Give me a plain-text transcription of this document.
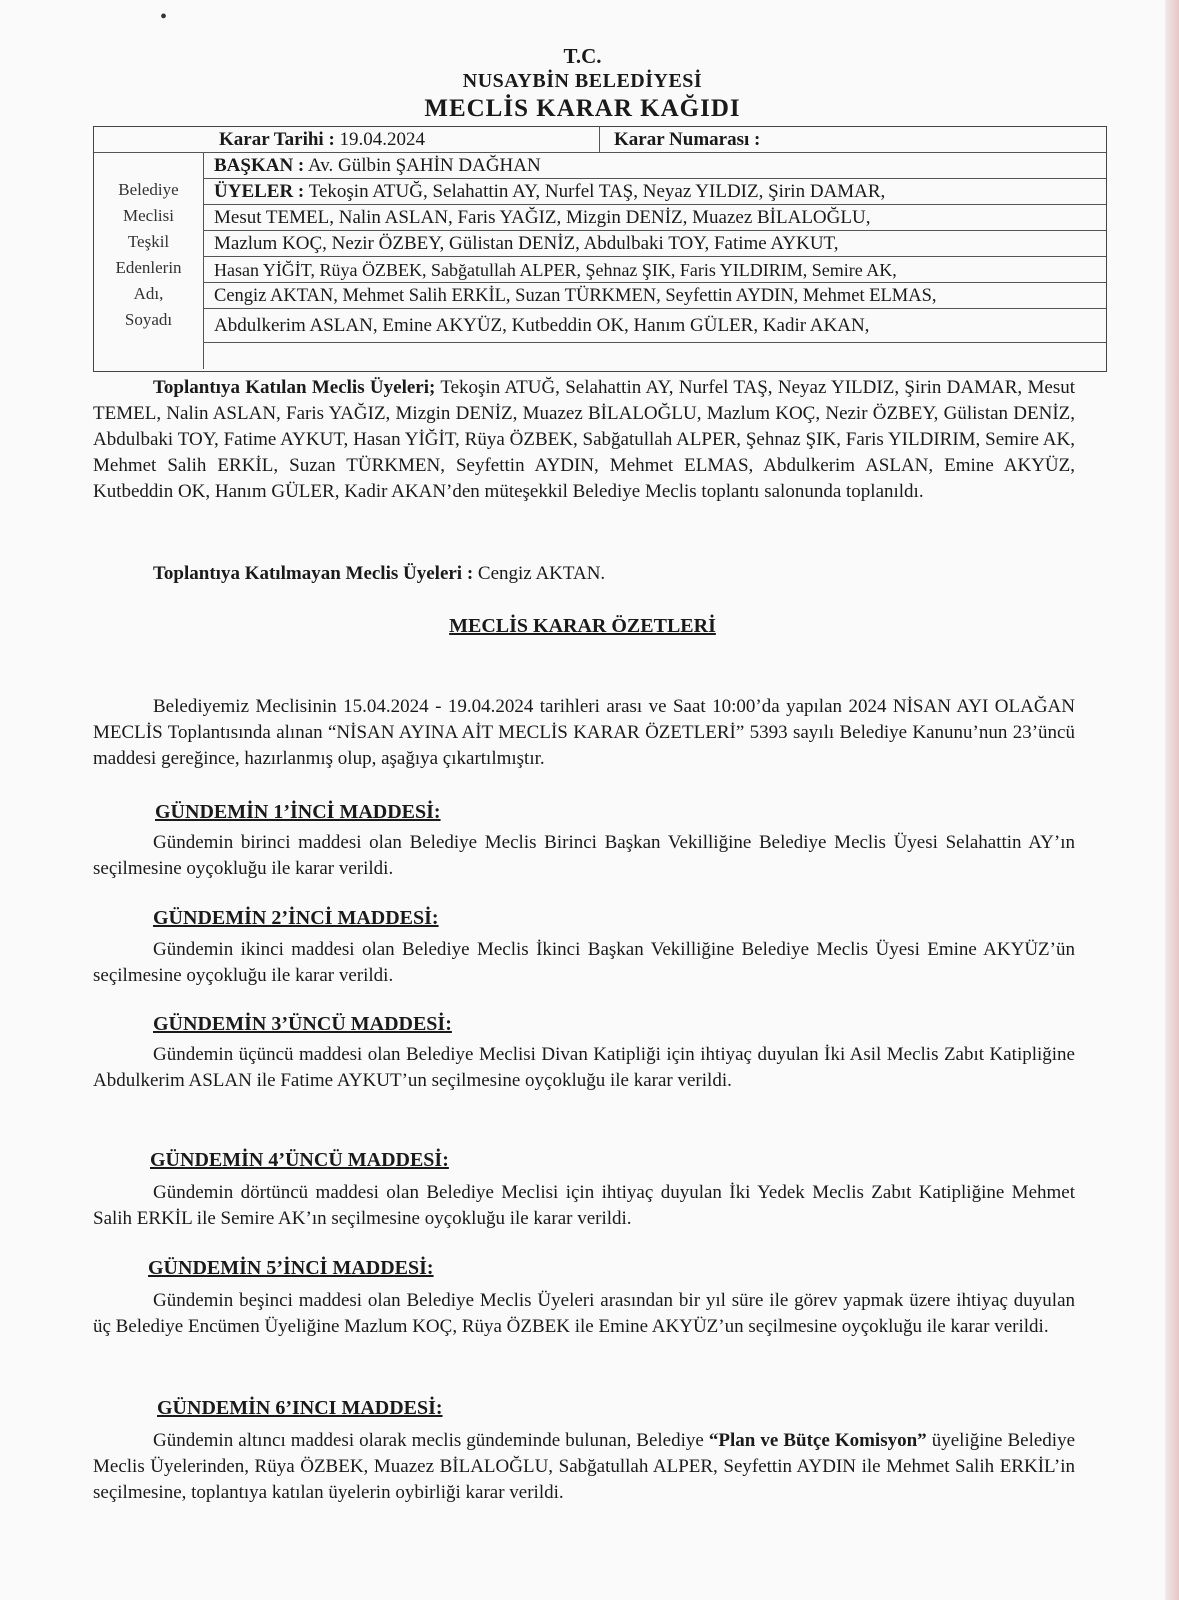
•
T.C.
NUSAYBİN BELEDİYESİ
MECLİS KARAR KAĞIDI
Karar Tarihi : 19.04.2024	Karar Numarası :
Belediye
Meclisi
Teşkil
Edenlerin
Adı,
Soyadı
BAŞKAN : Av. Gülbin ŞAHİN DAĞHAN
ÜYELER : Tekoşin ATUĞ, Selahattin AY, Nurfel TAŞ, Neyaz YILDIZ, Şirin DAMAR,
Mesut TEMEL, Nalin ASLAN, Faris YAĞIZ, Mizgin DENİZ, Muazez BİLALOĞLU,
Mazlum KOÇ, Nezir ÖZBEY, Gülistan DENİZ, Abdulbaki TOY, Fatime AYKUT,
Hasan YİĞİT, Rüya ÖZBEK, Sabğatullah ALPER, Şehnaz ŞIK, Faris YILDIRIM, Semire AK,
Cengiz AKTAN, Mehmet Salih ERKİL, Suzan TÜRKMEN, Seyfettin AYDIN, Mehmet ELMAS,
Abdulkerim ASLAN, Emine AKYÜZ, Kutbeddin OK, Hanım GÜLER, Kadir AKAN,
Toplantıya Katılan Meclis Üyeleri; Tekoşin ATUĞ, Selahattin AY, Nurfel TAŞ, Neyaz YILDIZ, Şirin DAMAR, Mesut TEMEL, Nalin ASLAN, Faris YAĞIZ, Mizgin DENİZ, Muazez BİLALOĞLU, Mazlum KOÇ, Nezir ÖZBEY, Gülistan DENİZ, Abdulbaki TOY, Fatime AYKUT, Hasan YİĞİT, Rüya ÖZBEK, Sabğatullah ALPER, Şehnaz ŞIK, Faris YILDIRIM, Semire AK, Mehmet Salih ERKİL, Suzan TÜRKMEN, Seyfettin AYDIN, Mehmet ELMAS, Abdulkerim ASLAN, Emine AKYÜZ, Kutbeddin OK, Hanım GÜLER, Kadir AKAN’den müteşekkil Belediye Meclis toplantı salonunda toplanıldı.
Toplantıya Katılmayan Meclis Üyeleri : Cengiz AKTAN.
MECLİS KARAR ÖZETLERİ
Belediyemiz Meclisinin 15.04.2024 - 19.04.2024 tarihleri arası ve Saat 10:00’da yapılan 2024 NİSAN AYI OLAĞAN MECLİS Toplantısında alınan “NİSAN AYINA AİT MECLİS KARAR ÖZETLERİ” 5393 sayılı Belediye Kanunu’nun 23’üncü maddesi gereğince, hazırlanmış olup, aşağıya çıkartılmıştır.
GÜNDEMİN 1’İNCİ MADDESİ:
Gündemin birinci maddesi olan Belediye Meclis Birinci Başkan Vekilliğine Belediye Meclis Üyesi Selahattin AY’ın seçilmesine oyçokluğu ile karar verildi.
GÜNDEMİN 2’İNCİ MADDESİ:
Gündemin ikinci maddesi olan Belediye Meclis İkinci Başkan Vekilliğine Belediye Meclis Üyesi Emine AKYÜZ’ün seçilmesine oyçokluğu ile karar verildi.
GÜNDEMİN 3’ÜNCÜ MADDESİ:
Gündemin üçüncü maddesi olan Belediye Meclisi Divan Katipliği için ihtiyaç duyulan İki Asil Meclis Zabıt Katipliğine Abdulkerim ASLAN ile Fatime AYKUT’un seçilmesine oyçokluğu ile karar verildi.
GÜNDEMİN 4’ÜNCÜ MADDESİ:
Gündemin dörtüncü maddesi olan Belediye Meclisi için ihtiyaç duyulan İki Yedek Meclis Zabıt Katipliğine Mehmet Salih ERKİL ile Semire AK’ın seçilmesine oyçokluğu ile karar verildi.
GÜNDEMİN 5’İNCİ MADDESİ:
Gündemin beşinci maddesi olan Belediye Meclis Üyeleri arasından bir yıl süre ile görev yapmak üzere ihtiyaç duyulan üç Belediye Encümen Üyeliğine Mazlum KOÇ, Rüya ÖZBEK ile Emine AKYÜZ’un seçilmesine oyçokluğu ile karar verildi.
GÜNDEMİN 6’INCI MADDESİ:
Gündemin altıncı maddesi olarak meclis gündeminde bulunan, Belediye “Plan ve Bütçe Komisyon” üyeliğine Belediye Meclis Üyelerinden, Rüya ÖZBEK, Muazez BİLALOĞLU, Sabğatullah ALPER, Seyfettin AYDIN ile Mehmet Salih ERKİL’in seçilmesine, toplantıya katılan üyelerin oybirliği karar verildi.
